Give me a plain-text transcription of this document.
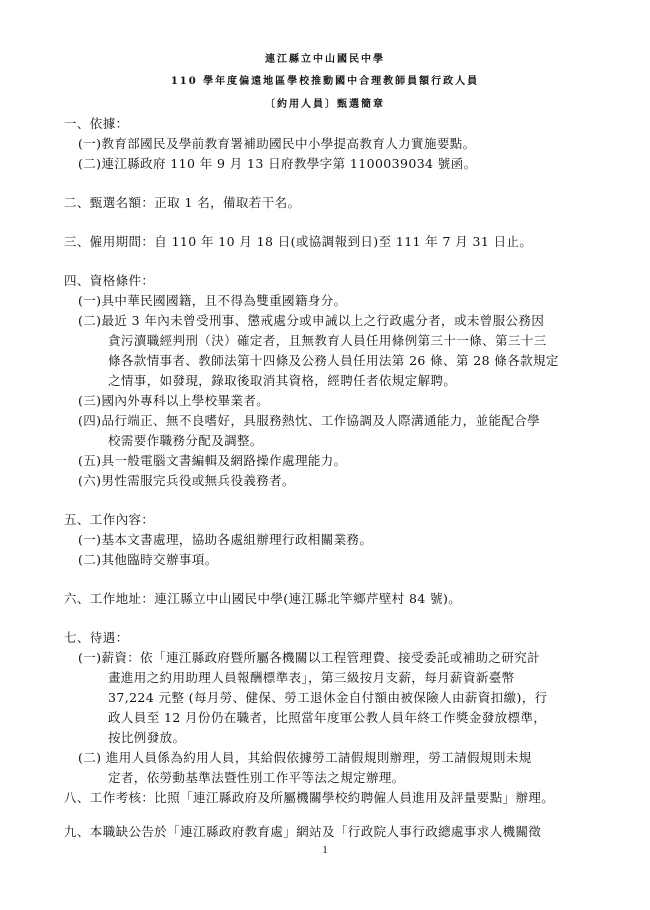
連江縣立中山國民中學
110 學年度偏遠地區學校推動國中合理教師員額行政人員
〔約用人員〕甄選簡章
一、依據：
(一)教育部國民及學前教育署補助國民中小學提高教育人力實施要點。
(二)連江縣政府 110 年 9 月 13 日府教學字第 1100039034 號函。
二、甄選名額：正取 1 名，備取若干名。
三、僱用期間：自 110 年 10 月 18 日(或協調報到日)至 111 年 7 月 31 日止。
四、資格條件：
(一)具中華民國國籍，且不得為雙重國籍身分。
(二)最近 3 年內未曾受刑事、懲戒處分或申誡以上之行政處分者，或未曾服公務因
貪污瀆職經判刑（決）確定者，且無教育人員任用條例第三十一條、第三十三
條各款情事者、教師法第十四條及公務人員任用法第 26 條、第 28 條各款規定
之情事，如發現，錄取後取消其資格，經聘任者依規定解聘。
(三)國內外專科以上學校畢業者。
(四)品行端正、無不良嗜好，具服務熱忱、工作協調及人際溝通能力，並能配合學
校需要作職務分配及調整。
(五)具一般電腦文書編輯及網路操作處理能力。
(六)男性需服完兵役或無兵役義務者。
五、工作內容：
(一)基本文書處理，協助各處組辦理行政相關業務。
(二)其他臨時交辦事項。
六、工作地址：連江縣立中山國民中學(連江縣北竿鄉芹壁村 84 號)。
七、待遇：
(一)薪資：依「連江縣政府暨所屬各機關以工程管理費、接受委託或補助之研究計
畫進用之約用助理人員報酬標準表」，第三級按月支薪，每月薪資新臺幣
37,224 元整 (每月勞、健保、勞工退休金自付額由被保險人由薪資扣繳)，行
政人員至 12 月份仍在職者，比照當年度軍公教人員年終工作獎金發放標準，
按比例發放。
(二) 進用人員係為約用人員，其給假依據勞工請假規則辦理，勞工請假規則未規
定者，依勞動基準法暨性別工作平等法之規定辦理。
八、工作考核：比照「連江縣政府及所屬機關學校約聘僱人員進用及評量要點」辦理。
九、本職缺公告於「連江縣政府教育處」網站及「行政院人事行政總處事求人機關徵
1
